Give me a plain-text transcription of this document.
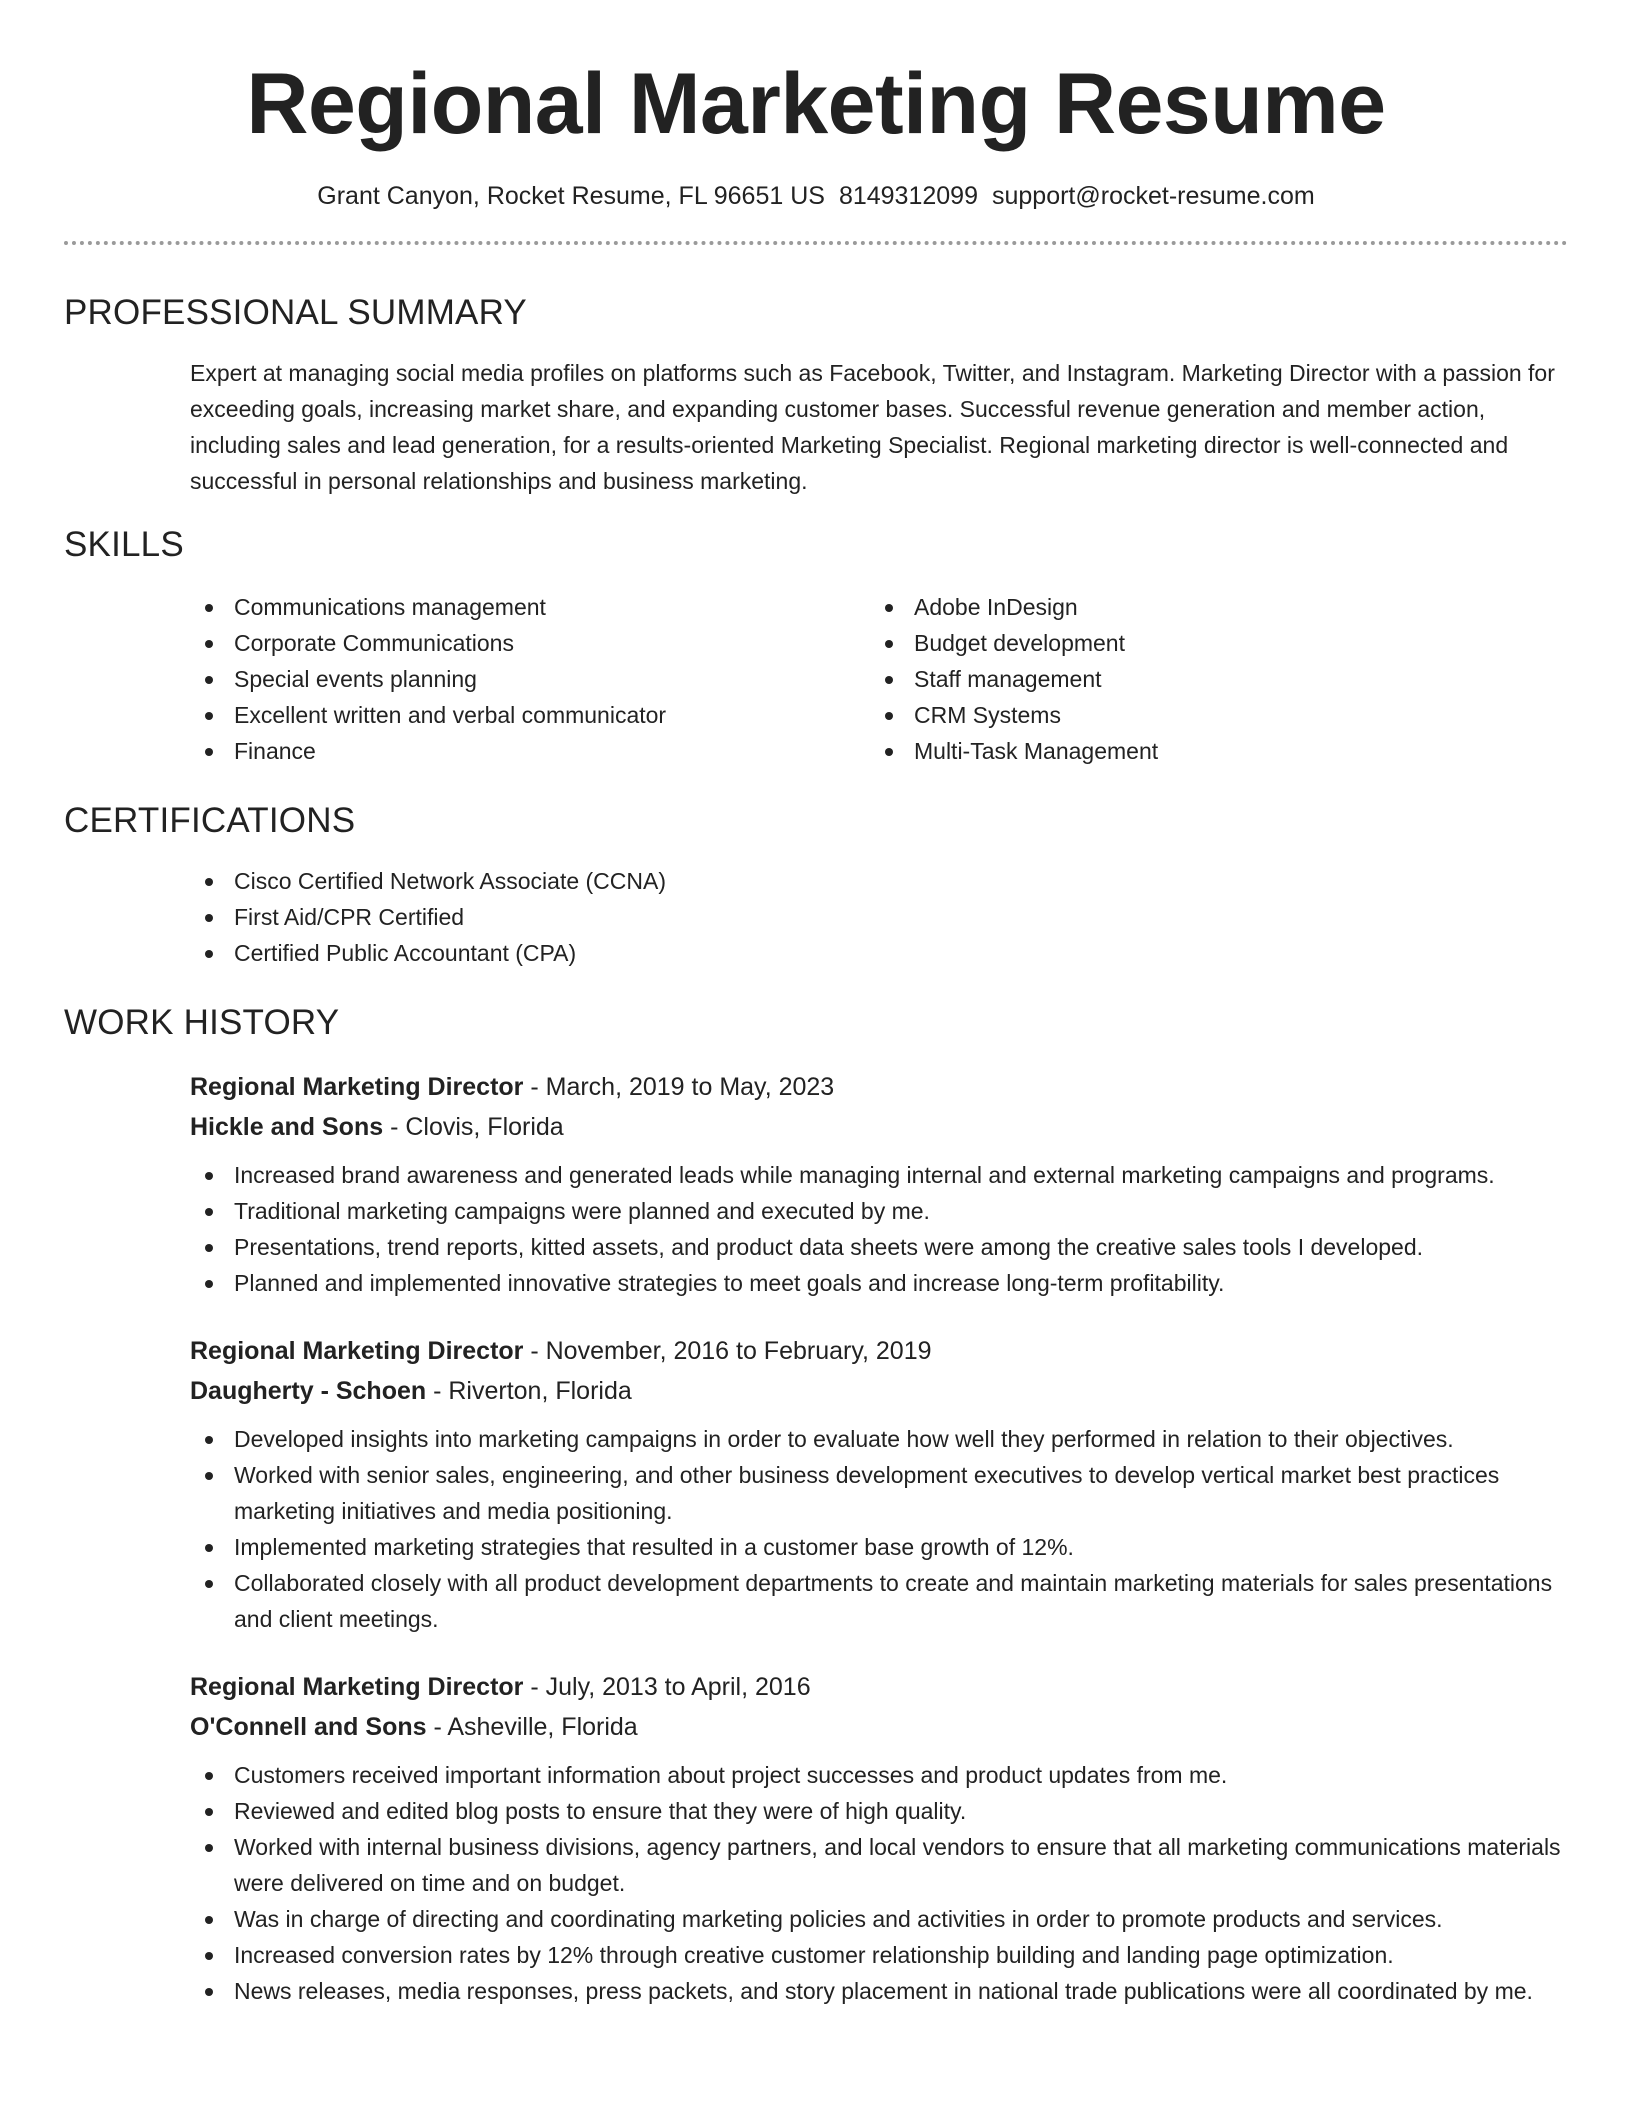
Regional Marketing Resume
Grant Canyon, Rocket Resume, FL 96651 US 8149312099 support@rocket-resume.com
PROFESSIONAL SUMMARY
Expert at managing social media profiles on platforms such as Facebook, Twitter, and Instagram. Marketing Director with a passion for exceeding goals, increasing market share, and expanding customer bases. Successful revenue generation and member action, including sales and lead generation, for a results-oriented Marketing Specialist. Regional marketing director is well-connected and successful in personal relationships and business marketing.
SKILLS
Communications management
Corporate Communications
Special events planning
Excellent written and verbal communicator
Finance
Adobe InDesign
Budget development
Staff management
CRM Systems
Multi-Task Management
CERTIFICATIONS
Cisco Certified Network Associate (CCNA)
First Aid/CPR Certified
Certified Public Accountant (CPA)
WORK HISTORY
Regional Marketing Director - March, 2019 to May, 2023
Hickle and Sons - Clovis, Florida
Increased brand awareness and generated leads while managing internal and external marketing campaigns and programs.
Traditional marketing campaigns were planned and executed by me.
Presentations, trend reports, kitted assets, and product data sheets were among the creative sales tools I developed.
Planned and implemented innovative strategies to meet goals and increase long-term profitability.
Regional Marketing Director - November, 2016 to February, 2019
Daugherty - Schoen - Riverton, Florida
Developed insights into marketing campaigns in order to evaluate how well they performed in relation to their objectives.
Worked with senior sales, engineering, and other business development executives to develop vertical market best practices marketing initiatives and media positioning.
Implemented marketing strategies that resulted in a customer base growth of 12%.
Collaborated closely with all product development departments to create and maintain marketing materials for sales presentations and client meetings.
Regional Marketing Director - July, 2013 to April, 2016
O'Connell and Sons - Asheville, Florida
Customers received important information about project successes and product updates from me.
Reviewed and edited blog posts to ensure that they were of high quality.
Worked with internal business divisions, agency partners, and local vendors to ensure that all marketing communications materials were delivered on time and on budget.
Was in charge of directing and coordinating marketing policies and activities in order to promote products and services.
Increased conversion rates by 12% through creative customer relationship building and landing page optimization.
News releases, media responses, press packets, and story placement in national trade publications were all coordinated by me.
